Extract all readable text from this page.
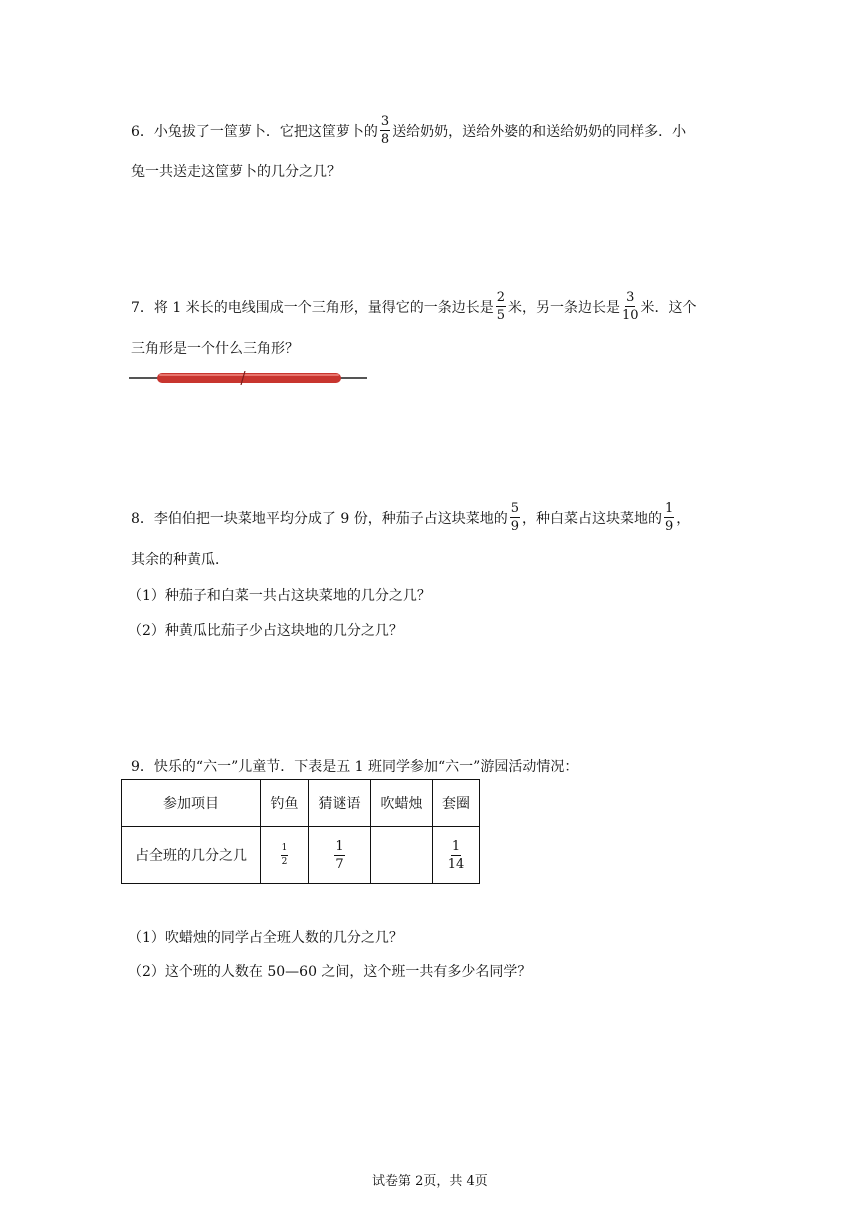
6．小兔拔了一筐萝卜．它把这筐萝卜的 $\frac{3}{8}$ 送给奶奶，送给外婆的和送给奶奶的同样多．小
兔一共送走这筐萝卜的几分之几？
7．将 1 米长的电线围成一个三角形，量得它的一条边长是 $\frac{2}{5}$ 米，另一条边长是 $\frac{3}{10}$ 米．这个
三角形是一个什么三角形？
8．李伯伯把一块菜地平均分成了 9 份，种茄子占这块菜地的 $\frac{5}{9}$ ，种白菜占这块菜地的 $\frac{1}{9}$ ，
其余的种黄瓜．
（1）种茄子和白菜一共占这块菜地的几分之几？
（2）种黄瓜比茄子少占这块地的几分之几？
9．快乐的“六一”儿童节．下表是五 1 班同学参加“六一”游园活动情况：
参加项目	钓鱼	猜谜语	吹蜡烛	套圈
占全班的几分之几	$\frac{1}{2}$	$\frac{1}{7}$		$\frac{1}{14}$
（1）吹蜡烛的同学占全班人数的几分之几？
（2）这个班的人数在 50—60 之间，这个班一共有多少名同学？
试卷第 2页，共 4页
